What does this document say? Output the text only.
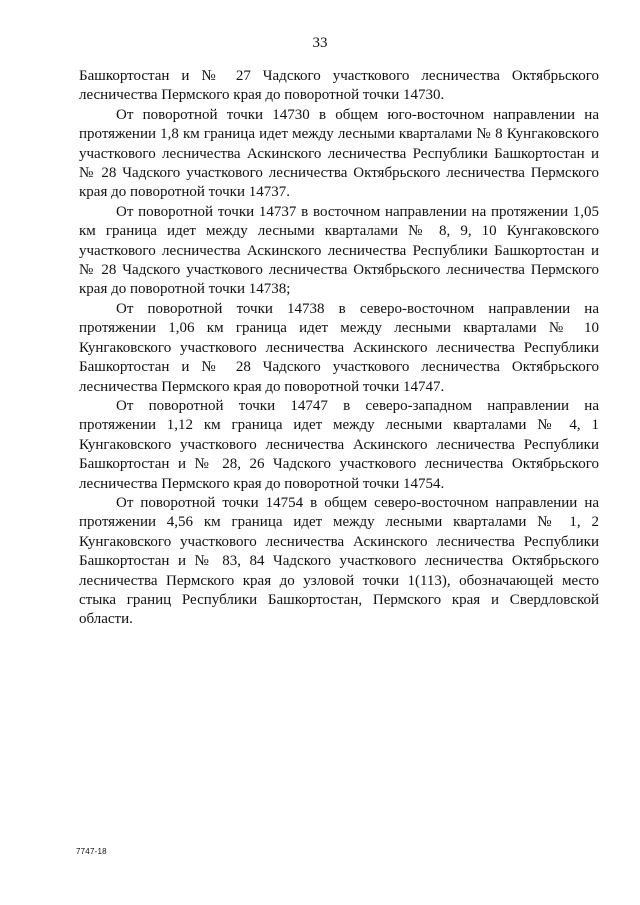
33

Башкортостан и № 27 Чадского участкового лесничества Октябрьского лесничества Пермского края до поворотной точки 14730.

От поворотной точки 14730 в общем юго-восточном направлении на протяжении 1,8 км граница идет между лесными кварталами № 8 Кунгаковского участкового лесничества Аскинского лесничества Республики Башкортостан и № 28 Чадского участкового лесничества Октябрьского лесничества Пермского края до поворотной точки 14737.

От поворотной точки 14737 в восточном направлении на протяжении 1,05 км граница идет между лесными кварталами № 8, 9, 10 Кунгаковского участкового лесничества Аскинского лесничества Республики Башкортостан и № 28 Чадского участкового лесничества Октябрьского лесничества Пермского края до поворотной точки 14738;

От поворотной точки 14738 в северо-восточном направлении на протяжении 1,06 км граница идет между лесными кварталами № 10 Кунгаковского участкового лесничества Аскинского лесничества Республики Башкортостан и № 28 Чадского участкового лесничества Октябрьского лесничества Пермского края до поворотной точки 14747.

От поворотной точки 14747 в северо-западном направлении на протяжении 1,12 км граница идет между лесными кварталами № 4, 1 Кунгаковского участкового лесничества Аскинского лесничества Республики Башкортостан и № 28, 26 Чадского участкового лесничества Октябрьского лесничества Пермского края до поворотной точки 14754.

От поворотной точки 14754 в общем северо-восточном направлении на протяжении 4,56 км граница идет между лесными кварталами № 1, 2 Кунгаковского участкового лесничества Аскинского лесничества Республики Башкортостан и № 83, 84 Чадского участкового лесничества Октябрьского лесничества Пермского края до узловой точки 1(113), обозначающей место стыка границ Республики Башкортостан, Пермского края и Свердловской области.

7747-18
